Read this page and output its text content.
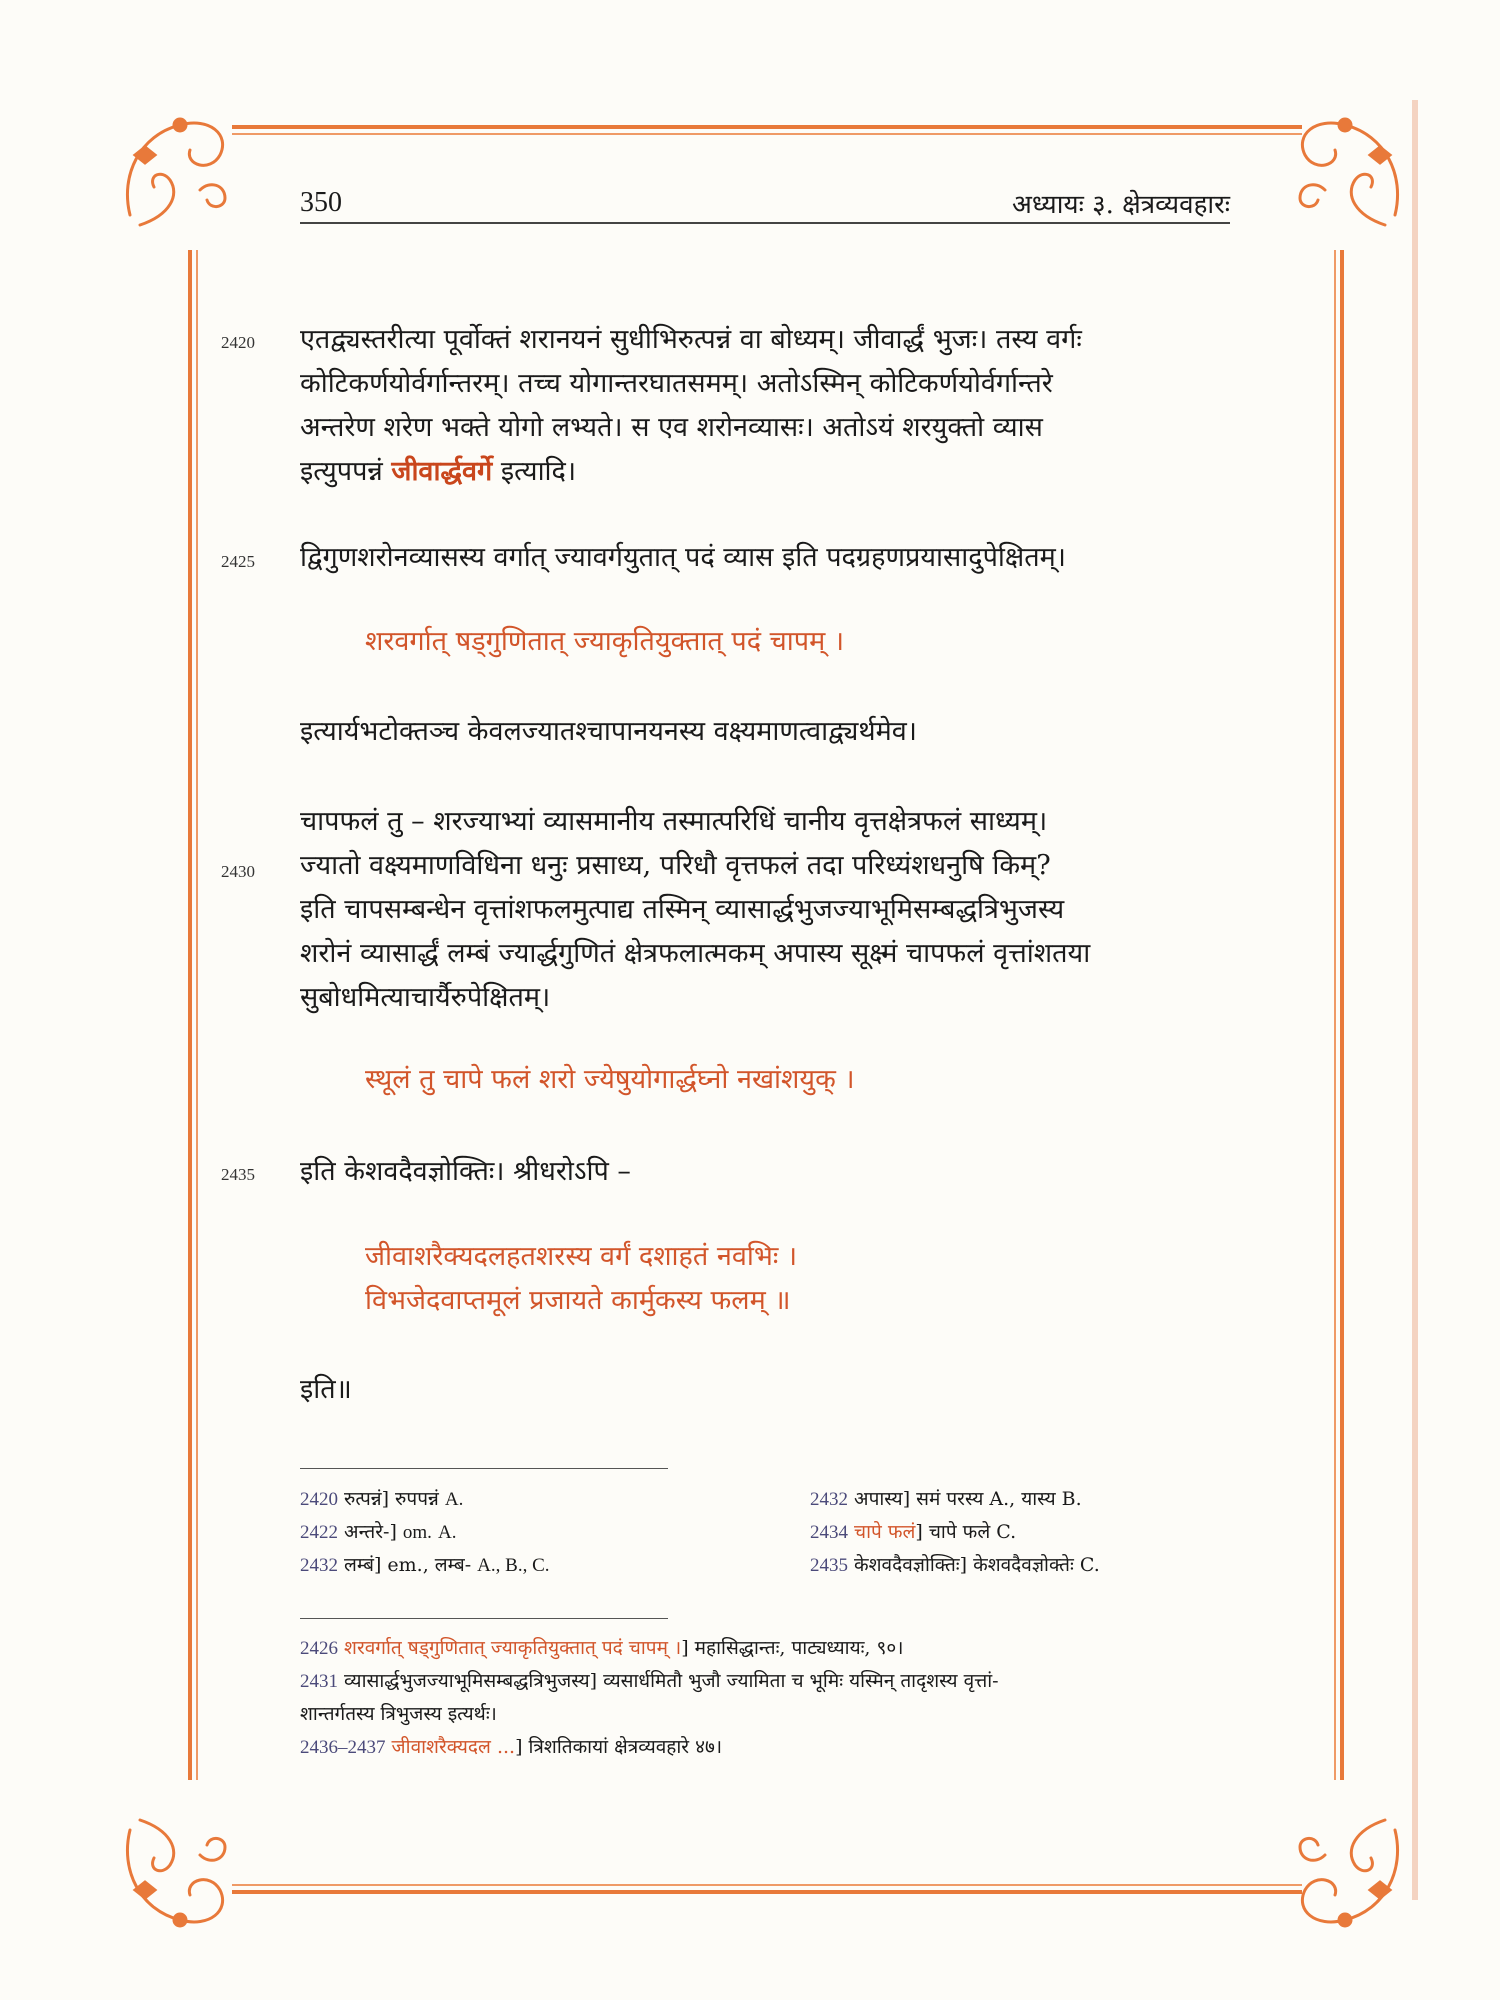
350	अध्यायः ३. क्षेत्रव्यवहारः
2420
2425
2430
2435

एतद्व्यस्तरीत्या पूर्वोक्तं शरानयनं सुधीभिरुत्पन्नं वा बोध्यम्। जीवार्द्धं भुजः। तस्य वर्गः

कोटिकर्णयोर्वर्गान्तरम्। तच्च योगान्तरघातसमम्। अतोऽस्मिन् कोटिकर्णयोर्वर्गान्तरे

अन्तरेण शरेण भक्ते योगो लभ्यते। स एव शरोनव्यासः। अतोऽयं शरयुक्तो व्यास

इत्युपपन्नं जीवार्द्धवर्गे इत्यादि।

द्विगुणशरोनव्यासस्य वर्गात् ज्यावर्गयुतात् पदं व्यास इति पदग्रहणप्रयासादुपेक्षितम्।

शरवर्गात् षड्गुणितात् ज्याकृतियुक्तात् पदं चापम् ।

इत्यार्यभटोक्तञ्च केवलज्यातश्चापानयनस्य वक्ष्यमाणत्वाद्व्यर्थमेव।

चापफलं तु – शरज्याभ्यां व्यासमानीय तस्मात्परिधिं चानीय वृत्तक्षेत्रफलं साध्यम्।

ज्यातो वक्ष्यमाणविधिना धनुः प्रसाध्य, परिधौ वृत्तफलं तदा परिध्यंशधनुषि किम्?

इति चापसम्बन्धेन वृत्तांशफलमुत्पाद्य तस्मिन् व्यासार्द्धभुजज्याभूमिसम्बद्धत्रिभुजस्य

शरोनं व्यासार्द्धं लम्बं ज्यार्द्धगुणितं क्षेत्रफलात्मकम् अपास्य सूक्ष्मं चापफलं वृत्तांशतया

सुबोधमित्याचार्यैरुपेक्षितम्।

स्थूलं तु चापे फलं शरो ज्येषुयोगार्द्धघ्नो नखांशयुक् ।

इति केशवदैवज्ञोक्तिः। श्रीधरोऽपि –

जीवाशरैक्यदलहतशरस्य वर्गं दशाहतं नवभिः ।
विभजेदवाप्तमूलं प्रजायते कार्मुकस्य फलम् ॥

इति॥

2420 रुत्पन्नं] रुपपन्नं A.
2422 अन्तरे-] om. A.
2432 लम्बं] em., लम्ब- A., B., C.
2432 अपास्य] समं परस्य A., यास्य B.
2434 चापे फलं] चापे फले C.
2435 केशवदैवज्ञोक्तिः] केशवदैवज्ञोक्तेः C.
2426 शरवर्गात् षड्गुणितात् ज्याकृतियुक्तात् पदं चापम् ।] महासिद्धान्तः, पाट्यध्यायः, ९०।
2431 व्यासार्द्धभुजज्याभूमिसम्बद्धत्रिभुजस्य] व्यसार्धमितौ भुजौ ज्यामिता च भूमिः यस्मिन् तादृशस्य वृत्तां-
शान्तर्गतस्य त्रिभुजस्य इत्यर्थः।
2436–2437 जीवाशरैक्यदल ...] त्रिशतिकायां क्षेत्रव्यवहारे ४७।
